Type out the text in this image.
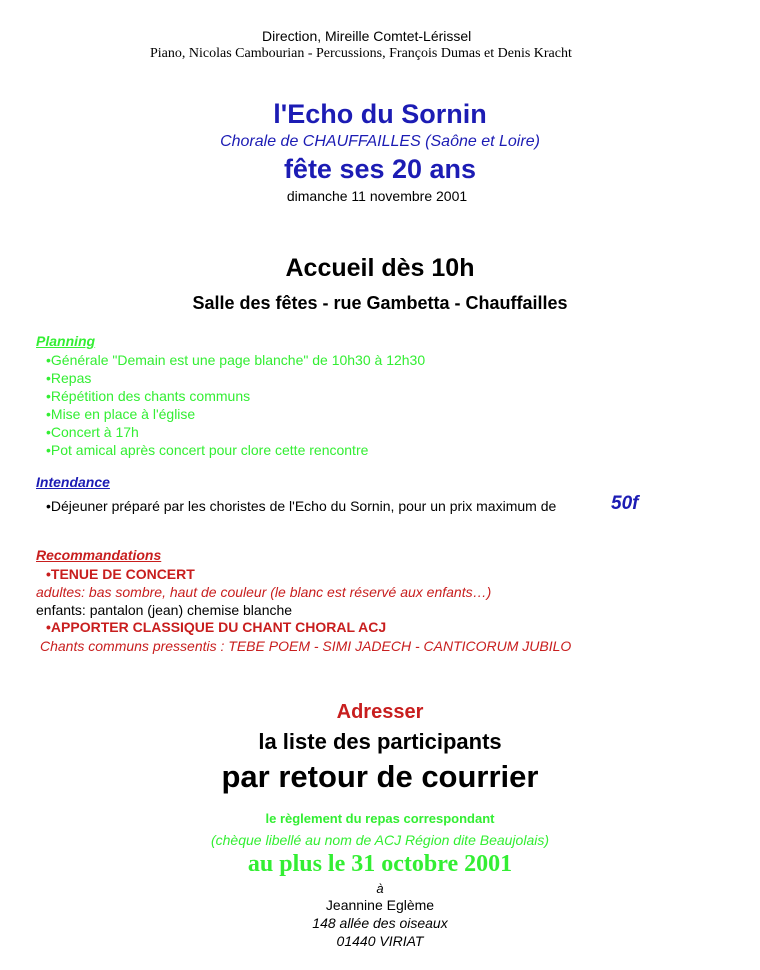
Direction, Mireille Comtet-Lérissel
Piano, Nicolas Cambourian - Percussions, François Dumas et Denis Kracht
l'Echo du Sornin
Chorale de CHAUFFAILLES (Saône et Loire)
fête ses 20 ans
dimanche 11 novembre 2001
Accueil dès 10h
Salle des fêtes - rue Gambetta - Chauffailles
Planning
•Générale "Demain est une page blanche" de 10h30 à 12h30
•Repas
•Répétition des chants communs
•Mise en place à l'église
•Concert à 17h
•Pot amical après concert pour clore cette rencontre
Intendance
•Déjeuner préparé par les choristes de l'Echo du Sornin, pour un prix maximum de	50f
Recommandations
•TENUE DE CONCERT
adultes: bas sombre, haut de couleur (le blanc est réservé aux enfants…)
enfants: pantalon (jean) chemise blanche
•APPORTER CLASSIQUE DU CHANT CHORAL ACJ
Chants communs pressentis : TEBE POEM - SIMI JADECH - CANTICORUM JUBILO
Adresser
la liste des participants
par retour de courrier
le règlement du repas correspondant
(chèque libellé au nom de ACJ Région dite Beaujolais)
au plus le 31 octobre 2001
à
Jeannine Eglème
148 allée des oiseaux
01440 VIRIAT
